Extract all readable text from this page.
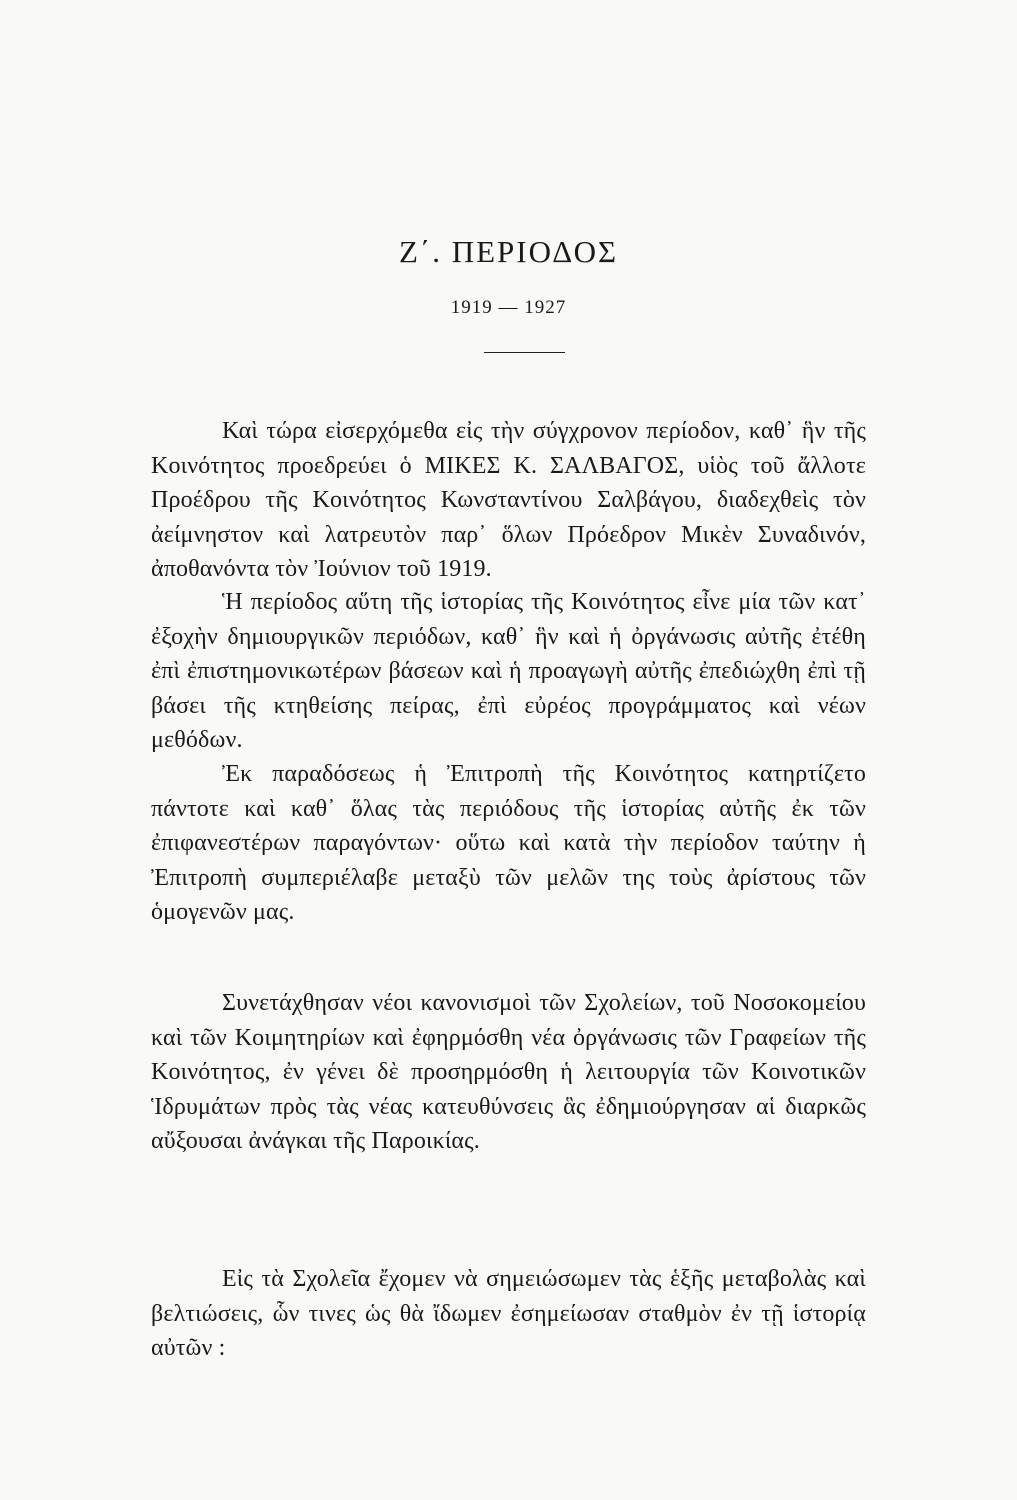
Ζ΄. ΠΕΡΙΟΔΟΣ
1919 — 1927

Καὶ τώρα εἰσερχόμεθα εἰς τὴν σύγχρονον περίοδον, καθ᾽ ἣν τῆς Κοινότητος προεδρεύει ὁ ΜΙΚΕΣ Κ. ΣΑΛΒΑΓΟΣ, υἱὸς τοῦ ἄλλοτε Προέδρου τῆς Κοινότητος Κωνσταντίνου Σαλβάγου, διαδεχθεὶς τὸν ἀείμνηστον καὶ λατρευτὸν παρ᾽ ὅλων Πρόεδρον Μικὲν Συναδινόν, ἀποθανόντα τὸν Ἰούνιον τοῦ 1919.

Ἡ περίοδος αὕτη τῆς ἱστορίας τῆς Κοινότητος εἶνε μία τῶν κατ᾽ ἐξοχὴν δημιουργικῶν περιόδων, καθ᾽ ἣν καὶ ἡ ὀργάνωσις αὐτῆς ἐτέθη ἐπὶ ἐπιστημονικωτέρων βάσεων καὶ ἡ προαγωγὴ αὐτῆς ἐπεδιώχθη ἐπὶ τῇ βάσει τῆς κτηθείσης πείρας, ἐπὶ εὐρέος προγράμματος καὶ νέων μεθόδων.

Ἐκ παραδόσεως ἡ Ἐπιτροπὴ τῆς Κοινότητος κατηρτίζετο πάντοτε καὶ καθ᾽ ὅλας τὰς περιόδους τῆς ἱστορίας αὐτῆς ἐκ τῶν ἐπιφανεστέρων παραγόντων· οὕτω καὶ κατὰ τὴν περίοδον ταύτην ἡ Ἐπιτροπὴ συμπεριέλαβε μεταξὺ τῶν μελῶν της τοὺς ἀρίστους τῶν ὁμογενῶν μας.

Συνετάχθησαν νέοι κανονισμοὶ τῶν Σχολείων, τοῦ Νοσοκομείου καὶ τῶν Κοιμητηρίων καὶ ἐφηρμόσθη νέα ὀργάνωσις τῶν Γραφείων τῆς Κοινότητος, ἐν γένει δὲ προσηρμόσθη ἡ λειτουργία τῶν Κοινοτικῶν Ἱδρυμάτων πρὸς τὰς νέας κατευθύνσεις ἃς ἐδημιούργησαν αἱ διαρκῶς αὔξουσαι ἀνάγκαι τῆς Παροικίας.

Εἰς τὰ Σχολεῖα ἔχομεν νὰ σημειώσωμεν τὰς ἑξῆς μεταβολὰς καὶ βελτιώσεις, ὧν τινες ὡς θὰ ἴδωμεν ἐσημείωσαν σταθμὸν ἐν τῇ ἱστορίᾳ αὐτῶν :
